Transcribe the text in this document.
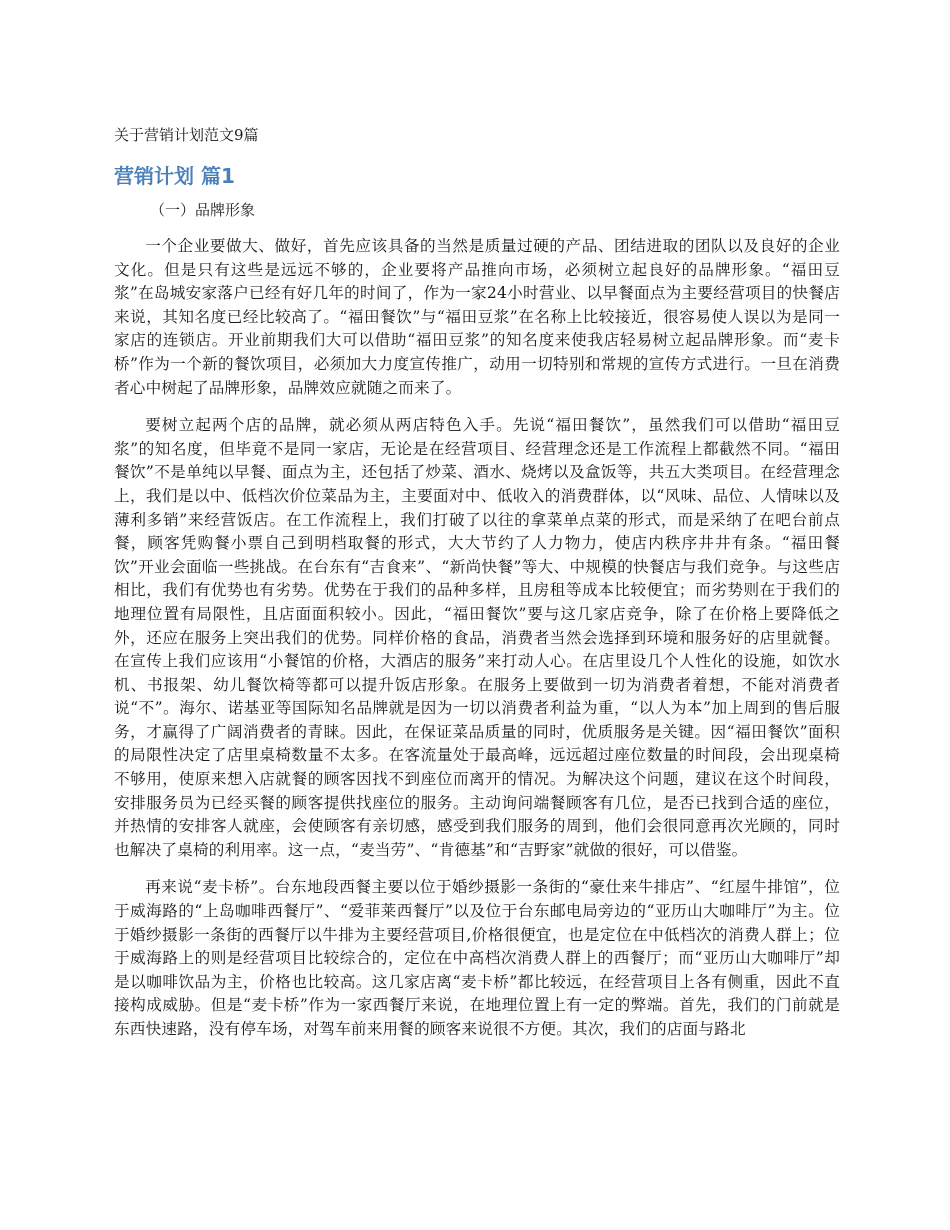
关于营销计划范文9篇
营销计划 篇1
（一）品牌形象

一个企业要做大、做好，首先应该具备的当然是质量过硬的产品、团结进取的团队以及良好的企业文化。但是只有这些是远远不够的，企业要将产品推向市场，必须树立起良好的品牌形象。“福田豆浆”在岛城安家落户已经有好几年的时间了，作为一家24小时营业、以早餐面点为主要经营项目的快餐店来说，其知名度已经比较高了。“福田餐饮”与“福田豆浆”在名称上比较接近，很容易使人误以为是同一家店的连锁店。开业前期我们大可以借助“福田豆浆”的知名度来使我店轻易树立起品牌形象。而“麦卡桥”作为一个新的餐饮项目，必须加大力度宣传推广，动用一切特别和常规的宣传方式进行。一旦在消费者心中树起了品牌形象，品牌效应就随之而来了。

要树立起两个店的品牌，就必须从两店特色入手。先说“福田餐饮”，虽然我们可以借助“福田豆浆”的知名度，但毕竟不是同一家店，无论是在经营项目、经营理念还是工作流程上都截然不同。“福田餐饮”不是单纯以早餐、面点为主，还包括了炒菜、酒水、烧烤以及盒饭等，共五大类项目。在经营理念上，我们是以中、低档次价位菜品为主，主要面对中、低收入的消费群体，以“风味、品位、人情味以及薄利多销”来经营饭店。在工作流程上，我们打破了以往的拿菜单点菜的形式，而是采纳了在吧台前点餐，顾客凭购餐小票自己到明档取餐的形式，大大节约了人力物力，使店内秩序井井有条。“福田餐饮”开业会面临一些挑战。在台东有“吉食来”、“新尚快餐”等大、中规模的快餐店与我们竞争。与这些店相比，我们有优势也有劣势。优势在于我们的品种多样，且房租等成本比较便宜；而劣势则在于我们的地理位置有局限性，且店面面积较小。因此，“福田餐饮”要与这几家店竞争，除了在价格上要降低之外，还应在服务上突出我们的优势。同样价格的食品，消费者当然会选择到环境和服务好的店里就餐。在宣传上我们应该用“小餐馆的价格，大酒店的服务”来打动人心。在店里设几个人性化的设施，如饮水机、书报架、幼儿餐饮椅等都可以提升饭店形象。在服务上要做到一切为消费者着想，不能对消费者说“不”。海尔、诺基亚等国际知名品牌就是因为一切以消费者利益为重，“以人为本”加上周到的售后服务，才赢得了广阔消费者的青睐。因此，在保证菜品质量的同时，优质服务是关键。因“福田餐饮”面积的局限性决定了店里桌椅数量不太多。在客流量处于最高峰，远远超过座位数量的时间段，会出现桌椅不够用，使原来想入店就餐的顾客因找不到座位而离开的情况。为解决这个问题，建议在这个时间段，安排服务员为已经买餐的顾客提供找座位的服务。主动询问端餐顾客有几位，是否已找到合适的座位，并热情的安排客人就座，会使顾客有亲切感，感受到我们服务的周到，他们会很同意再次光顾的，同时也解决了桌椅的利用率。这一点，“麦当劳”、“肯德基”和“吉野家”就做的很好，可以借鉴。

再来说“麦卡桥”。台东地段西餐主要以位于婚纱摄影一条街的“豪仕来牛排店”、“红屋牛排馆”，位于威海路的“上岛咖啡西餐厅”、“爱菲莱西餐厅”以及位于台东邮电局旁边的“亚历山大咖啡厅”为主。位于婚纱摄影一条街的西餐厅以牛排为主要经营项目,价格很便宜，也是定位在中低档次的消费人群上；位于威海路上的则是经营项目比较综合的，定位在中高档次消费人群上的西餐厅；而“亚历山大咖啡厅”却是以咖啡饮品为主，价格也比较高。这几家店离“麦卡桥”都比较远，在经营项目上各有侧重，因此不直接构成威胁。但是“麦卡桥”作为一家西餐厅来说，在地理位置上有一定的弊端。首先，我们的门前就是东西快速路，没有停车场，对驾车前来用餐的顾客来说很不方便。其次，我们的店面与路北
